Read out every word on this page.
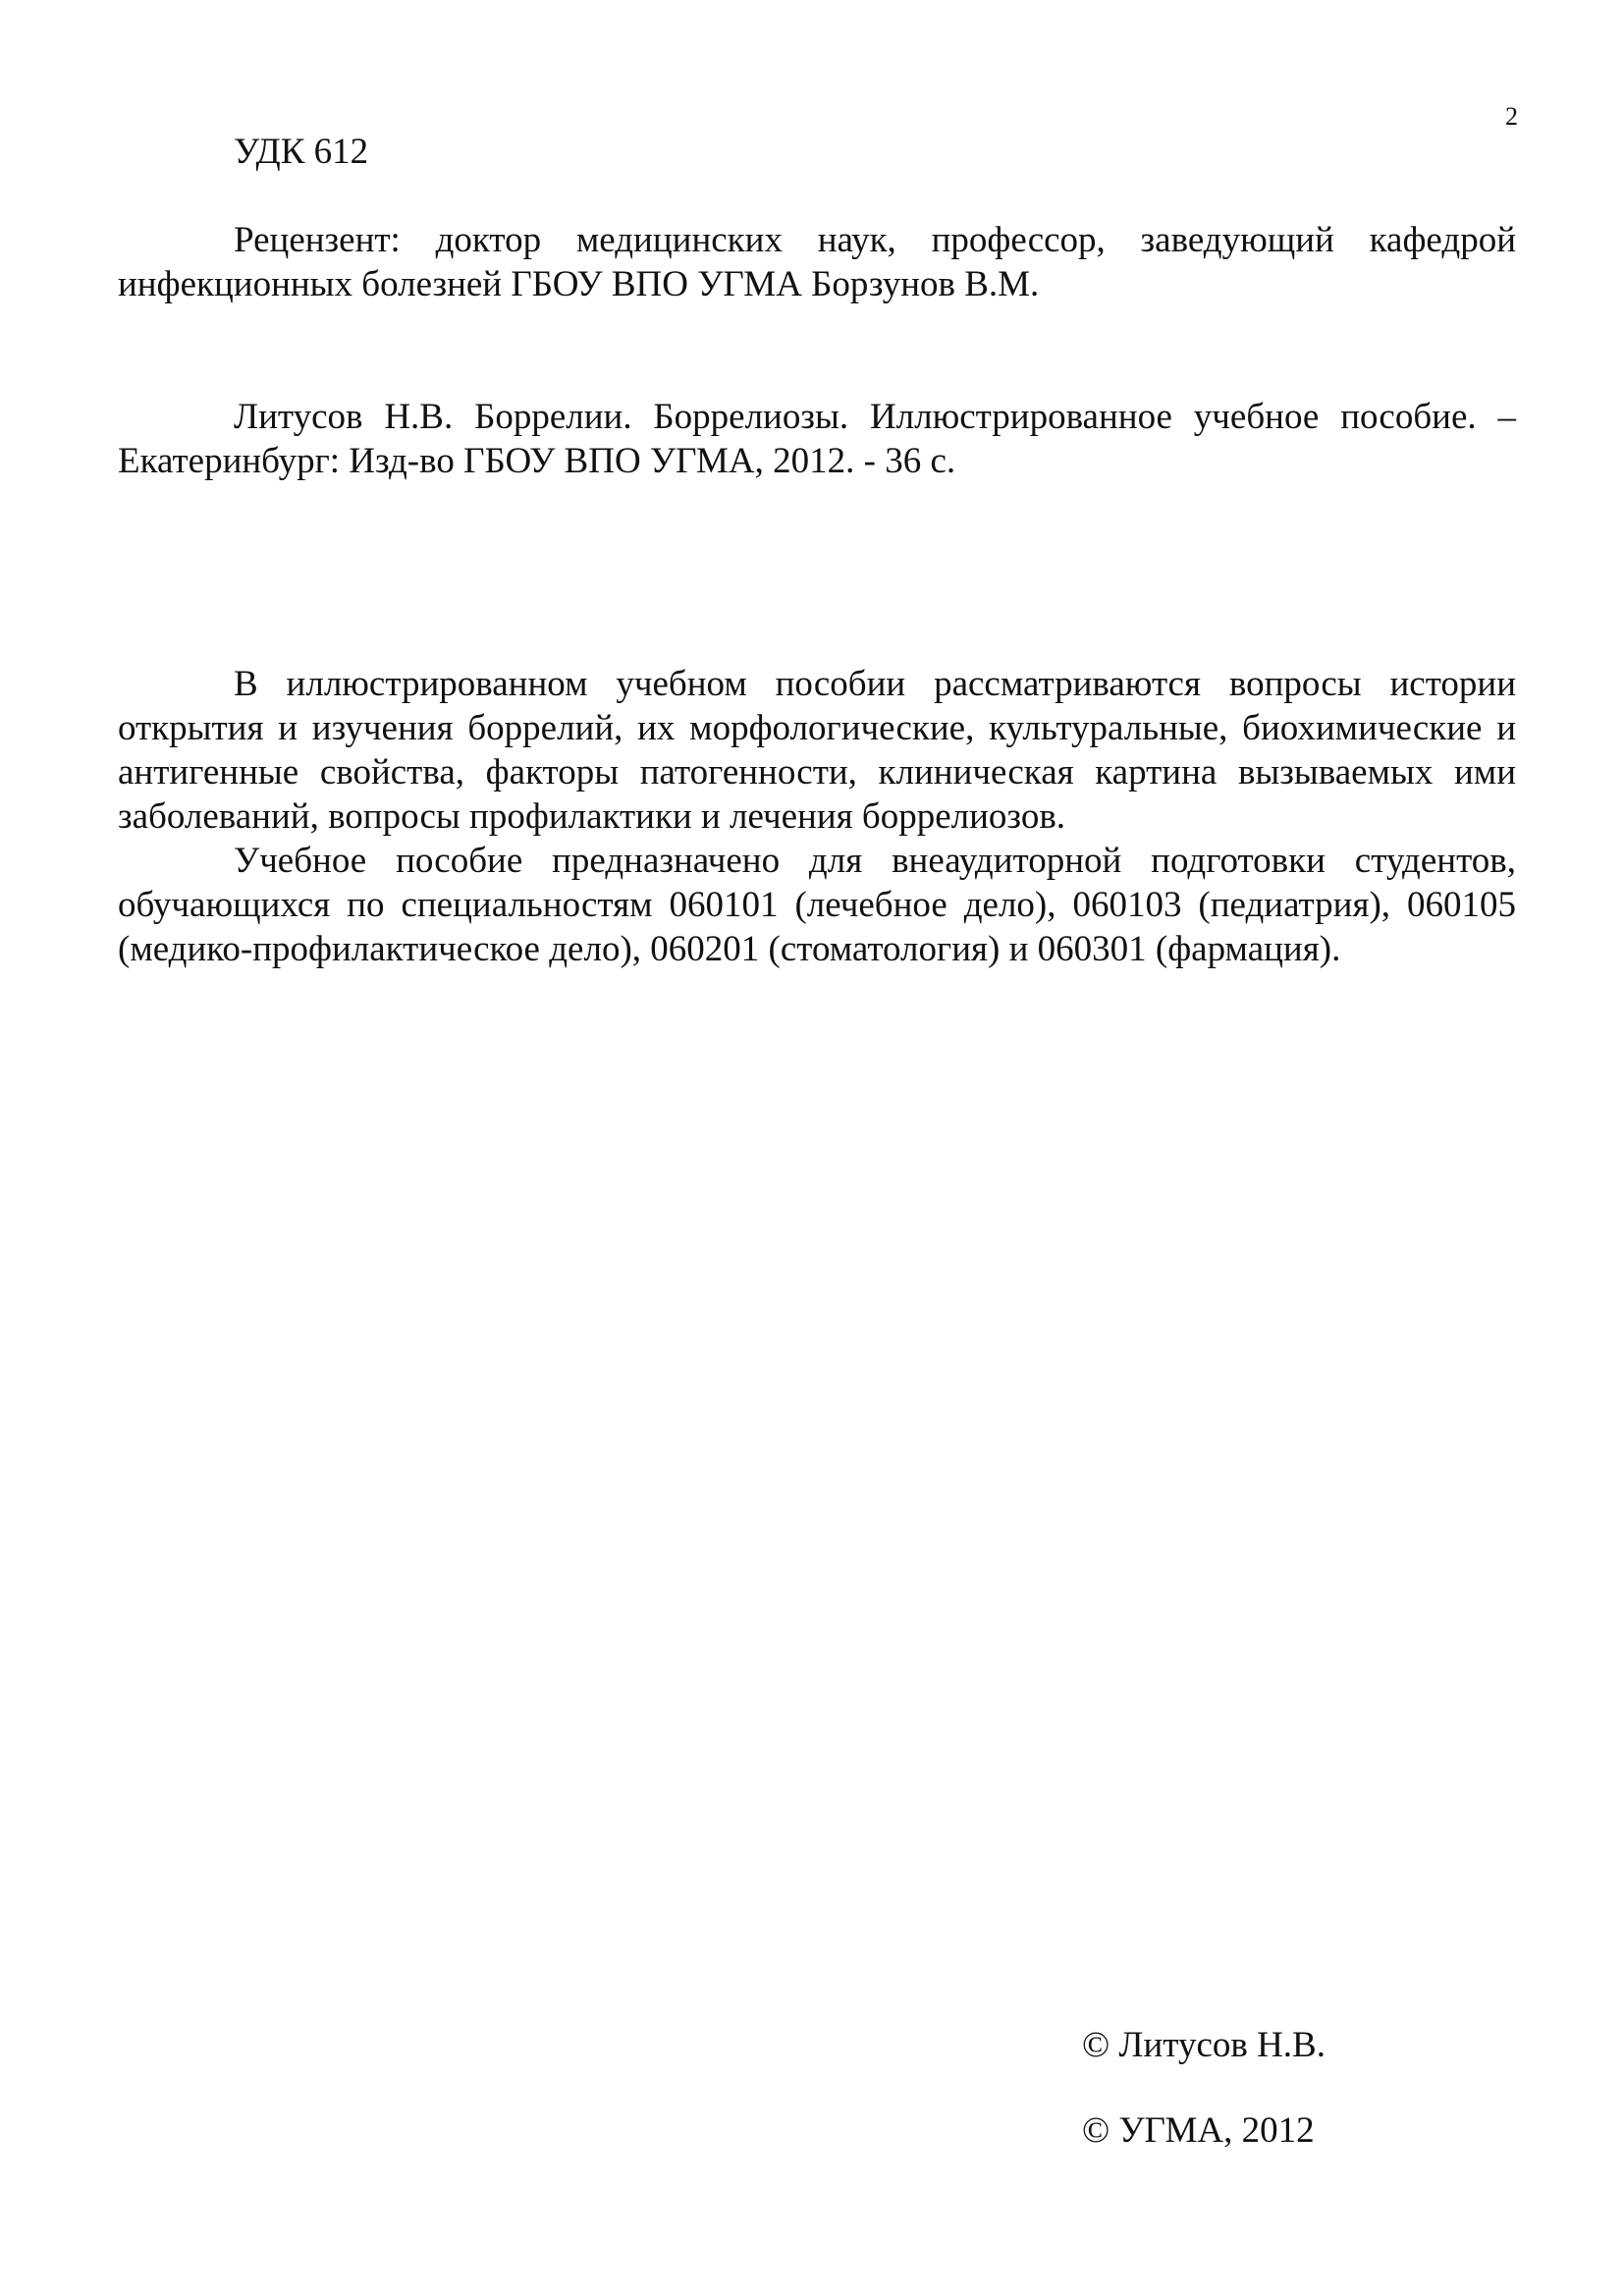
2

УДК 612

Рецензент: доктор медицинских наук, профессор, заведующий кафедрой инфекционных болезней ГБОУ ВПО УГМА Борзунов В.М.

Литусов Н.В. Боррелии. Боррелиозы. Иллюстрированное учебное пособие. – Екатеринбург: Изд-во ГБОУ ВПО УГМА, 2012. - 36 с.

В иллюстрированном учебном пособии рассматриваются вопросы истории открытия и изучения боррелий, их морфологические, культуральные, биохимические и антигенные свойства, факторы патогенности, клиническая картина вызываемых ими заболеваний, вопросы профилактики и лечения боррелиозов.

Учебное пособие предназначено для внеаудиторной подготовки студентов, обучающихся по специальностям 060101 (лечебное дело), 060103 (педиатрия), 060105 (медико-профилактическое дело), 060201 (стоматология) и 060301 (фармация).

© Литусов Н.В.
© УГМА, 2012
